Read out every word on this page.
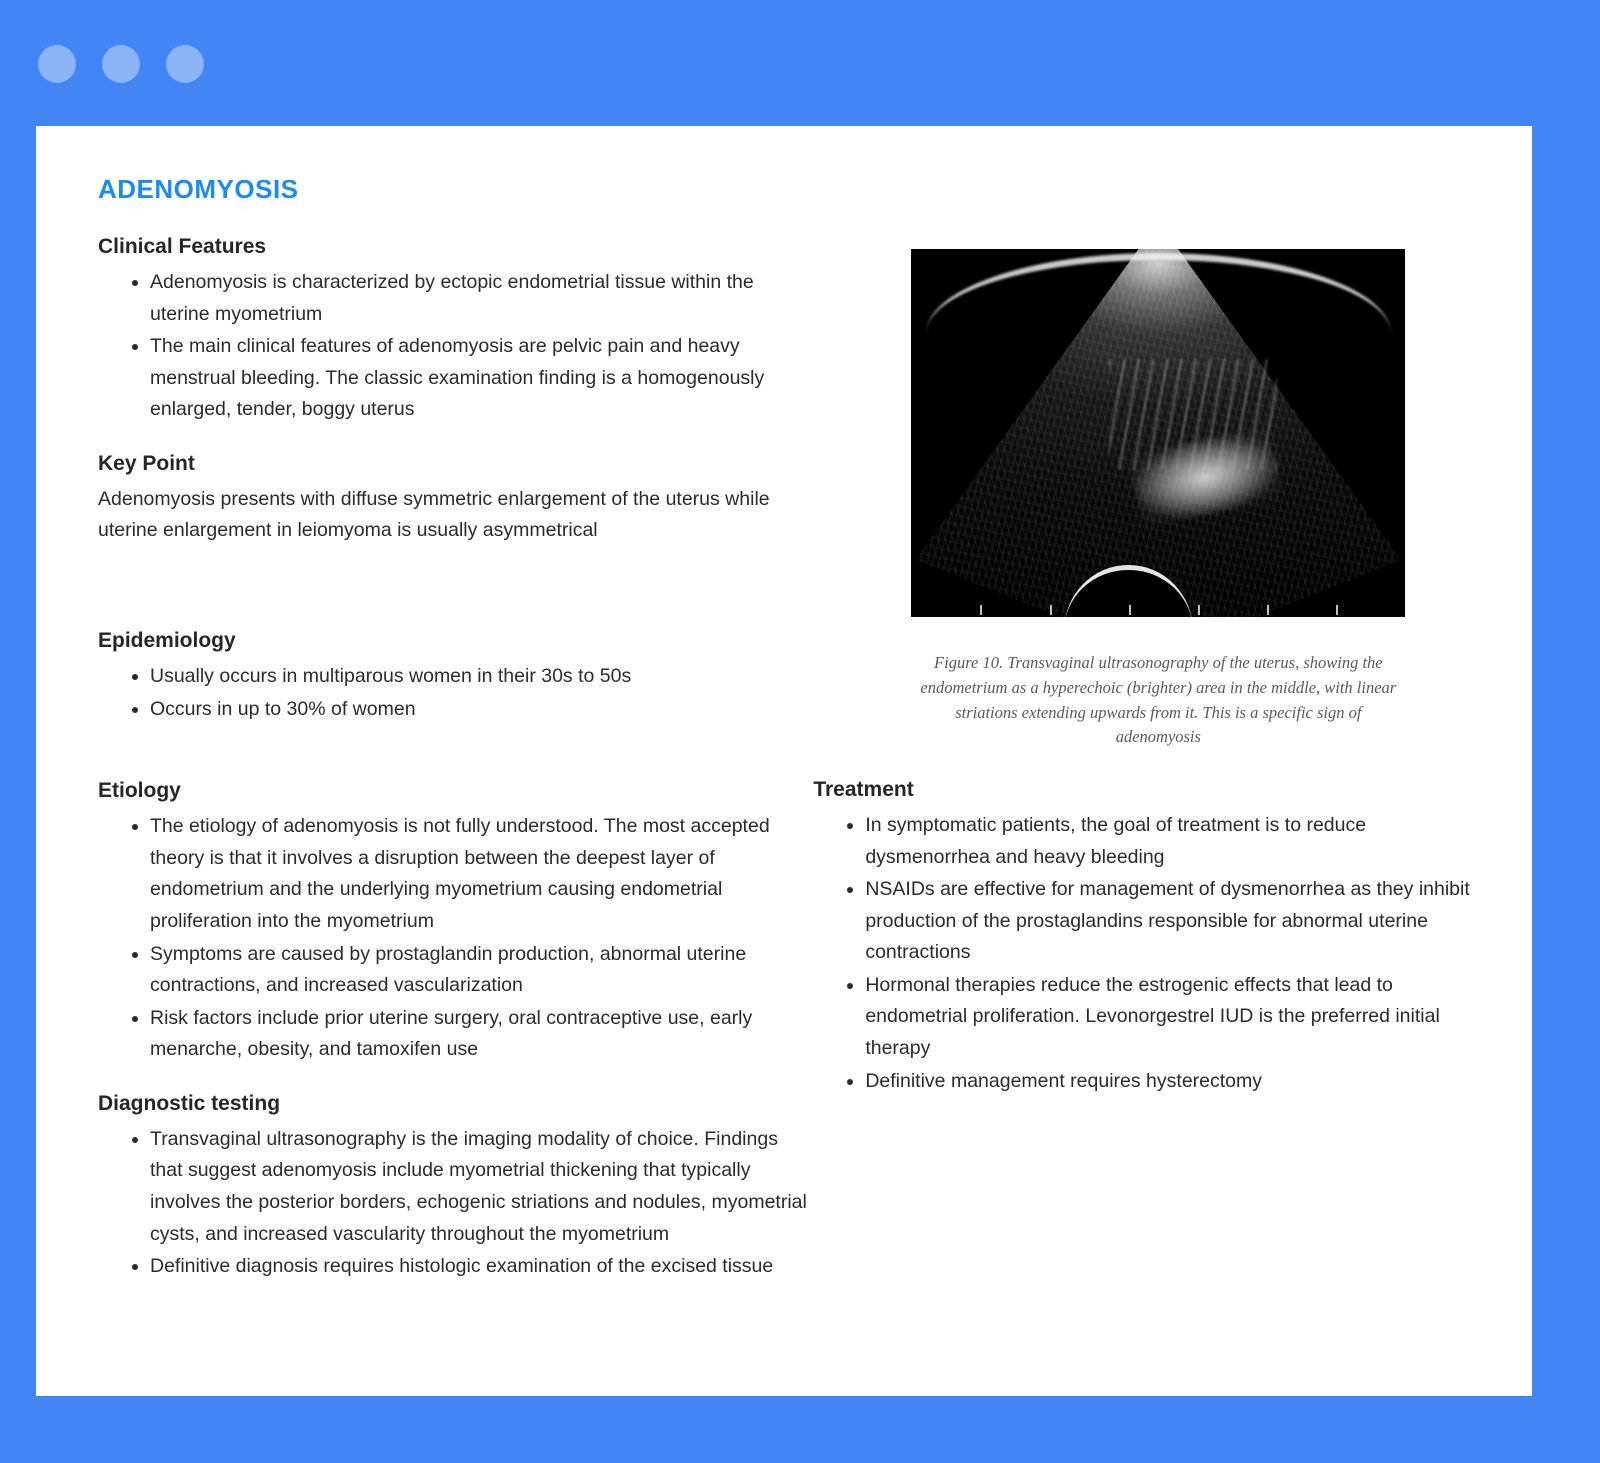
ADENOMYOSIS
Clinical Features
• Adenomyosis is characterized by ectopic endometrial tissue within the uterine myometrium
• The main clinical features of adenomyosis are pelvic pain and heavy menstrual bleeding. The classic examination finding is a homogenously enlarged, tender, boggy uterus
Key Point

Adenomyosis presents with diffuse symmetric enlargement of the uterus while uterine enlargement in leiomyoma is usually asymmetrical

Epidemiology
• Usually occurs in multiparous women in their 30s to 50s
• Occurs in up to 30% of women
Etiology
• The etiology of adenomyosis is not fully understood. The most accepted theory is that it involves a disruption between the deepest layer of endometrium and the underlying myometrium causing endometrial proliferation into the myometrium
• Symptoms are caused by prostaglandin production, abnormal uterine contractions, and increased vascularization
• Risk factors include prior uterine surgery, oral contraceptive use, early menarche, obesity, and tamoxifen use
Diagnostic testing
• Transvaginal ultrasonography is the imaging modality of choice. Findings that suggest adenomyosis include myometrial thickening that typically involves the posterior borders, echogenic striations and nodules, myometrial cysts, and increased vascularity throughout the myometrium
• Definitive diagnosis requires histologic examination of the excised tissue
Figure 10. Transvaginal ultrasonography of the uterus, showing the endometrium as a hyperechoic (brighter) area in the middle, with linear striations extending upwards from it. This is a specific sign of adenomyosis
Treatment
• In symptomatic patients, the goal of treatment is to reduce dysmenorrhea and heavy bleeding
• NSAIDs are effective for management of dysmenorrhea as they inhibit production of the prostaglandins responsible for abnormal uterine contractions
• Hormonal therapies reduce the estrogenic effects that lead to endometrial proliferation. Levonorgestrel IUD is the preferred initial therapy
• Definitive management requires hysterectomy
